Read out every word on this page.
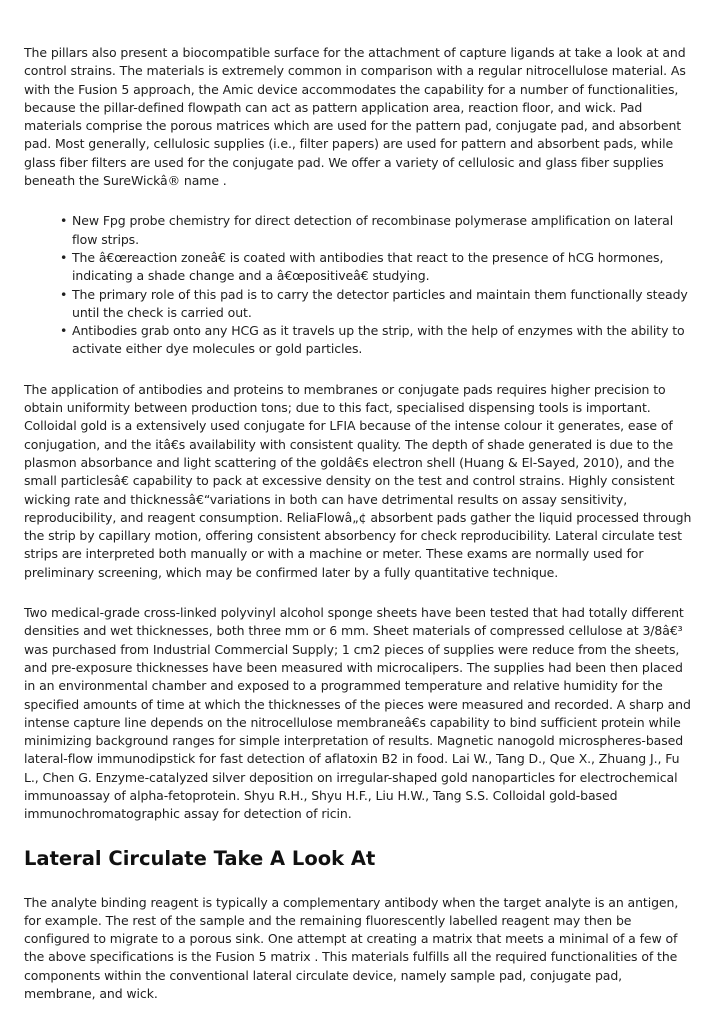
The pillars also present a biocompatible surface for the attachment of capture ligands at take a look at and control strains. The materials is extremely common in comparison with a regular nitrocellulose material. As with the Fusion 5 approach, the Amic device accommodates the capability for a number of functionalities, because the pillar-defined flowpath can act as pattern application area, reaction floor, and wick. Pad materials comprise the porous matrices which are used for the pattern pad, conjugate pad, and absorbent pad. Most generally, cellulosic supplies (i.e., filter papers) are used for pattern and absorbent pads, while glass fiber filters are used for the conjugate pad. We offer a variety of cellulosic and glass fiber supplies beneath the SureWickâ® name .

• New Fpg probe chemistry for direct detection of recombinase polymerase amplification on lateral flow strips.
• The â€œreaction zoneâ€ is coated with antibodies that react to the presence of hCG hormones, indicating a shade change and a â€œpositiveâ€ studying.
• The primary role of this pad is to carry the detector particles and maintain them functionally steady until the check is carried out.
• Antibodies grab onto any HCG as it travels up the strip, with the help of enzymes with the ability to activate either dye molecules or gold particles.

The application of antibodies and proteins to membranes or conjugate pads requires higher precision to obtain uniformity between production tons; due to this fact, specialised dispensing tools is important. Colloidal gold is a extensively used conjugate for LFIA because of the intense colour it generates, ease of conjugation, and the itâ€s availability with consistent quality. The depth of shade generated is due to the plasmon absorbance and light scattering of the goldâ€s electron shell (Huang & El-Sayed, 2010), and the small particlesâ€ capability to pack at excessive density on the test and control strains. Highly consistent wicking rate and thicknessâ€“variations in both can have detrimental results on assay sensitivity, reproducibility, and reagent consumption. ReliaFlowâ„¢ absorbent pads gather the liquid processed through the strip by capillary motion, offering consistent absorbency for check reproducibility. Lateral circulate test strips are interpreted both manually or with a machine or meter. These exams are normally used for preliminary screening, which may be confirmed later by a fully quantitative technique.

Two medical-grade cross-linked polyvinyl alcohol sponge sheets have been tested that had totally different densities and wet thicknesses, both three mm or 6 mm. Sheet materials of compressed cellulose at 3/8â€³ was purchased from Industrial Commercial Supply; 1 cm2 pieces of supplies were reduce from the sheets, and pre-exposure thicknesses have been measured with microcalipers. The supplies had been then placed in an environmental chamber and exposed to a programmed temperature and relative humidity for the specified amounts of time at which the thicknesses of the pieces were measured and recorded. A sharp and intense capture line depends on the nitrocellulose membraneâ€s capability to bind sufficient protein while minimizing background ranges for simple interpretation of results. Magnetic nanogold microspheres-based lateral-flow immunodipstick for fast detection of aflatoxin B2 in food. Lai W., Tang D., Que X., Zhuang J., Fu L., Chen G. Enzyme-catalyzed silver deposition on irregular-shaped gold nanoparticles for electrochemical immunoassay of alpha-fetoprotein. Shyu R.H., Shyu H.F., Liu H.W., Tang S.S. Colloidal gold-based immunochromatographic assay for detection of ricin.

Lateral Circulate Take A Look At

The analyte binding reagent is typically a complementary antibody when the target analyte is an antigen, for example. The rest of the sample and the remaining fluorescently labelled reagent may then be configured to migrate to a porous sink. One attempt at creating a matrix that meets a minimal of a few of the above specifications is the Fusion 5 matrix . This materials fulfills all the required functionalities of the components within the conventional lateral circulate device, namely sample pad, conjugate pad, membrane, and wick.
